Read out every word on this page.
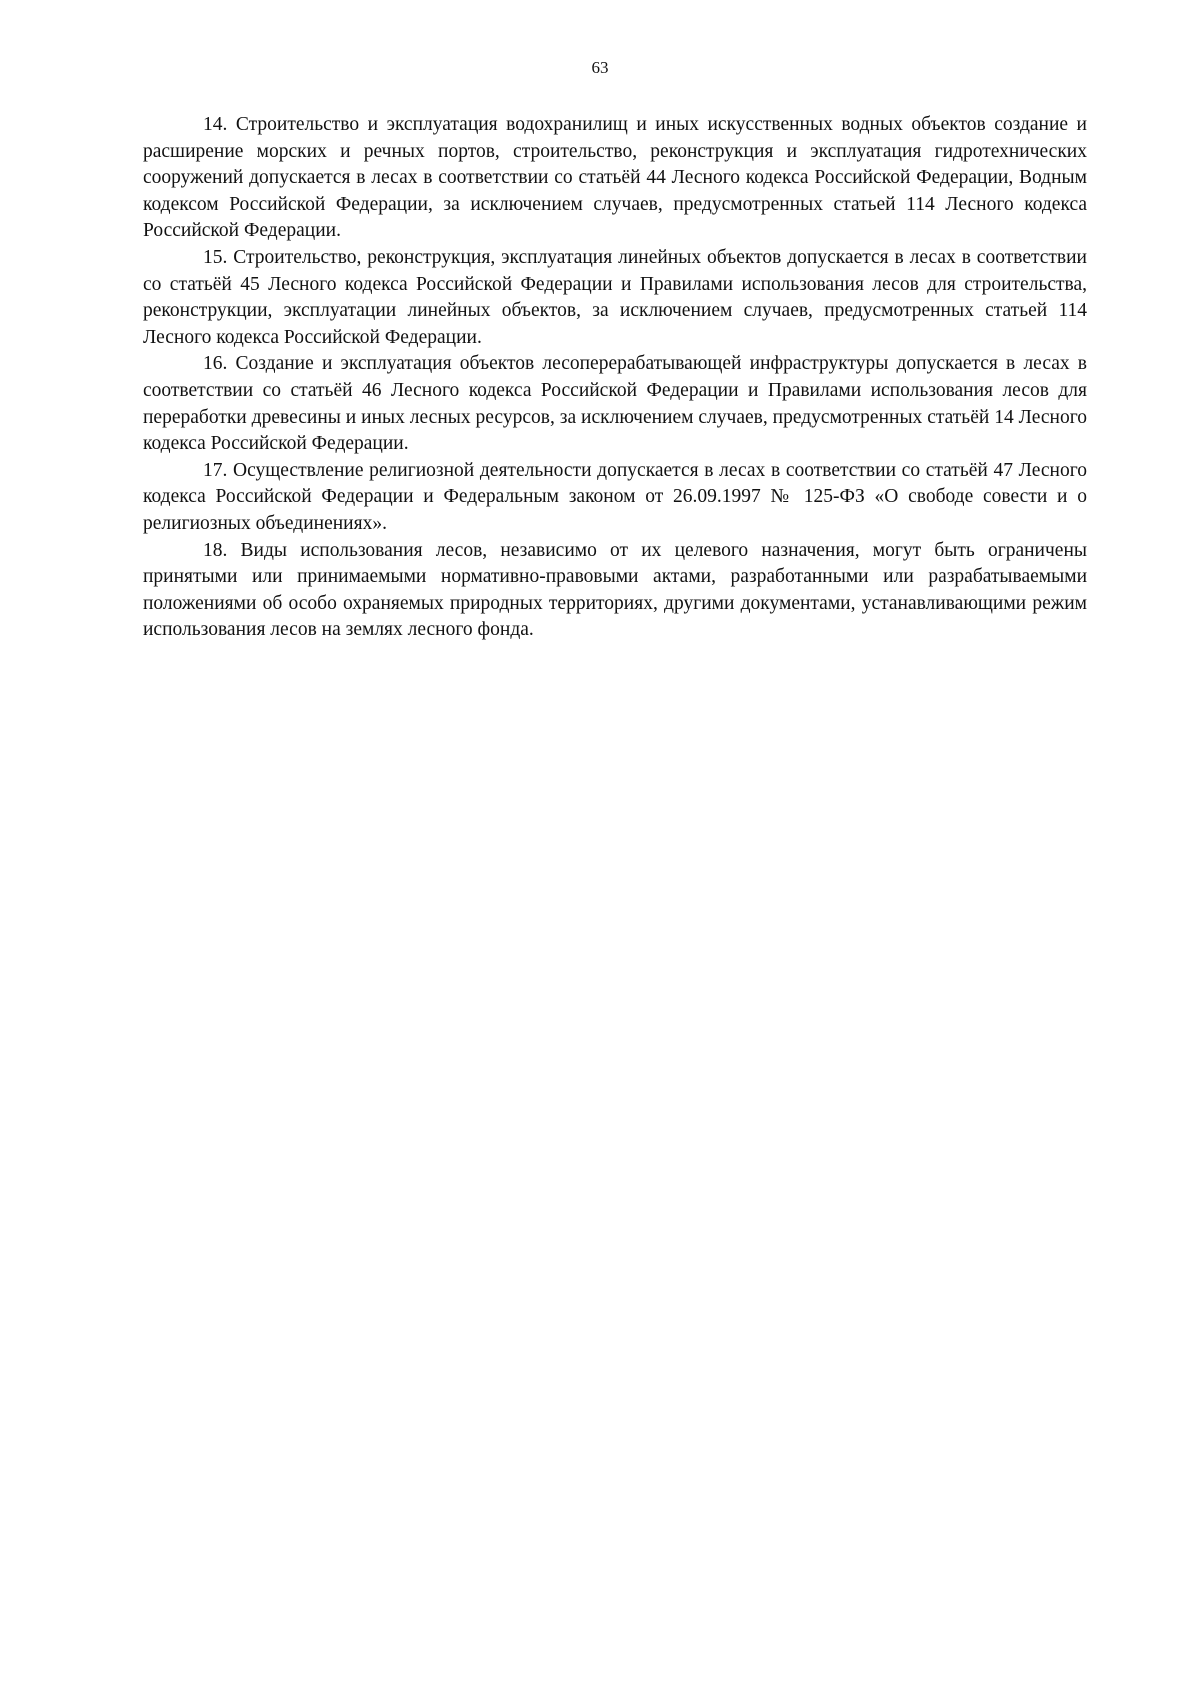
63

14. Строительство и эксплуатация водохранилищ и иных искусственных водных объектов создание и расширение морских и речных портов, строительство, реконструкция и эксплуатация гидротехнических сооружений допускается в лесах в соответствии со статьёй 44 Лесного кодекса Российской Федерации, Водным кодексом Российской Федерации, за исключением случаев, предусмотренных статьей 114 Лесного кодекса Российской Федерации.

15. Строительство, реконструкция, эксплуатация линейных объектов допускается в лесах в соответствии со статьёй 45 Лесного кодекса Российской Федерации и Правилами использования лесов для строительства, реконструкции, эксплуатации линейных объектов, за исключением случаев, предусмотренных статьей 114 Лесного кодекса Российской Федерации.

16. Создание и эксплуатация объектов лесоперерабатывающей инфраструктуры допускается в лесах в соответствии со статьёй 46 Лесного кодекса Российской Федерации и Правилами использования лесов для переработки древесины и иных лесных ресурсов, за исключением случаев, предусмотренных статьёй 14 Лесного кодекса Российской Федерации.

17. Осуществление религиозной деятельности допускается в лесах в соответствии со статьёй 47 Лесного кодекса Российской Федерации и Федеральным законом от 26.09.1997 № 125-ФЗ «О свободе совести и о религиозных объединениях».

18. Виды использования лесов, независимо от их целевого назначения, могут быть ограничены принятыми или принимаемыми нормативно-правовыми актами, разработанными или разрабатываемыми положениями об особо охраняемых природных территориях, другими документами, устанавливающими режим использования лесов на землях лесного фонда.
